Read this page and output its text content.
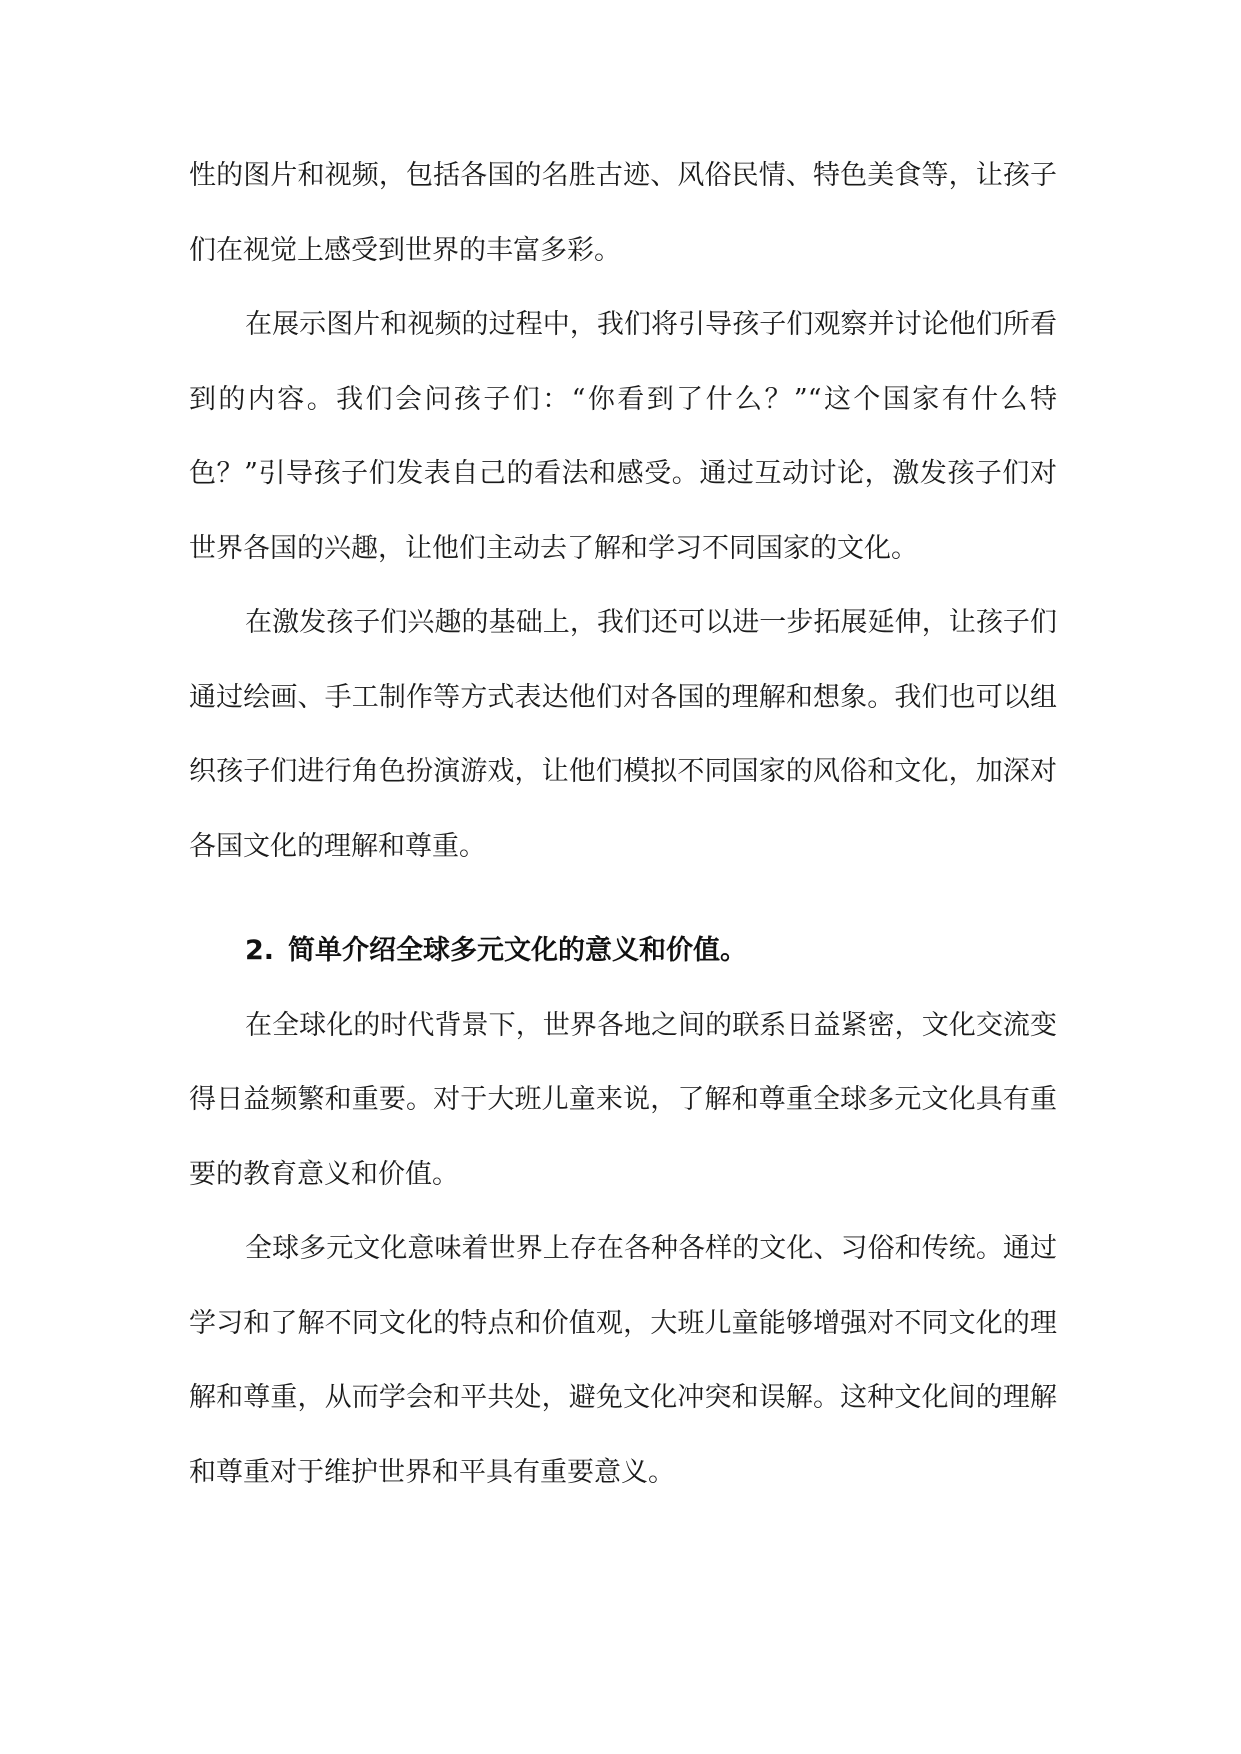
性的图片和视频，包括各国的名胜古迹、风俗民情、特色美食等，让孩子们在视觉上感受到世界的丰富多彩。

在展示图片和视频的过程中，我们将引导孩子们观察并讨论他们所看到的内容。我们会问孩子们：“你看到了什么？”“这个国家有什么特色？”引导孩子们发表自己的看法和感受。通过互动讨论，激发孩子们对世界各国的兴趣，让他们主动去了解和学习不同国家的文化。

在激发孩子们兴趣的基础上，我们还可以进一步拓展延伸，让孩子们通过绘画、手工制作等方式表达他们对各国的理解和想象。我们也可以组织孩子们进行角色扮演游戏，让他们模拟不同国家的风俗和文化，加深对各国文化的理解和尊重。

2. 简单介绍全球多元文化的意义和价值。

在全球化的时代背景下，世界各地之间的联系日益紧密，文化交流变得日益频繁和重要。对于大班儿童来说，了解和尊重全球多元文化具有重要的教育意义和价值。

全球多元文化意味着世界上存在各种各样的文化、习俗和传统。通过学习和了解不同文化的特点和价值观，大班儿童能够增强对不同文化的理解和尊重，从而学会和平共处，避免文化冲突和误解。这种文化间的理解和尊重对于维护世界和平具有重要意义。
